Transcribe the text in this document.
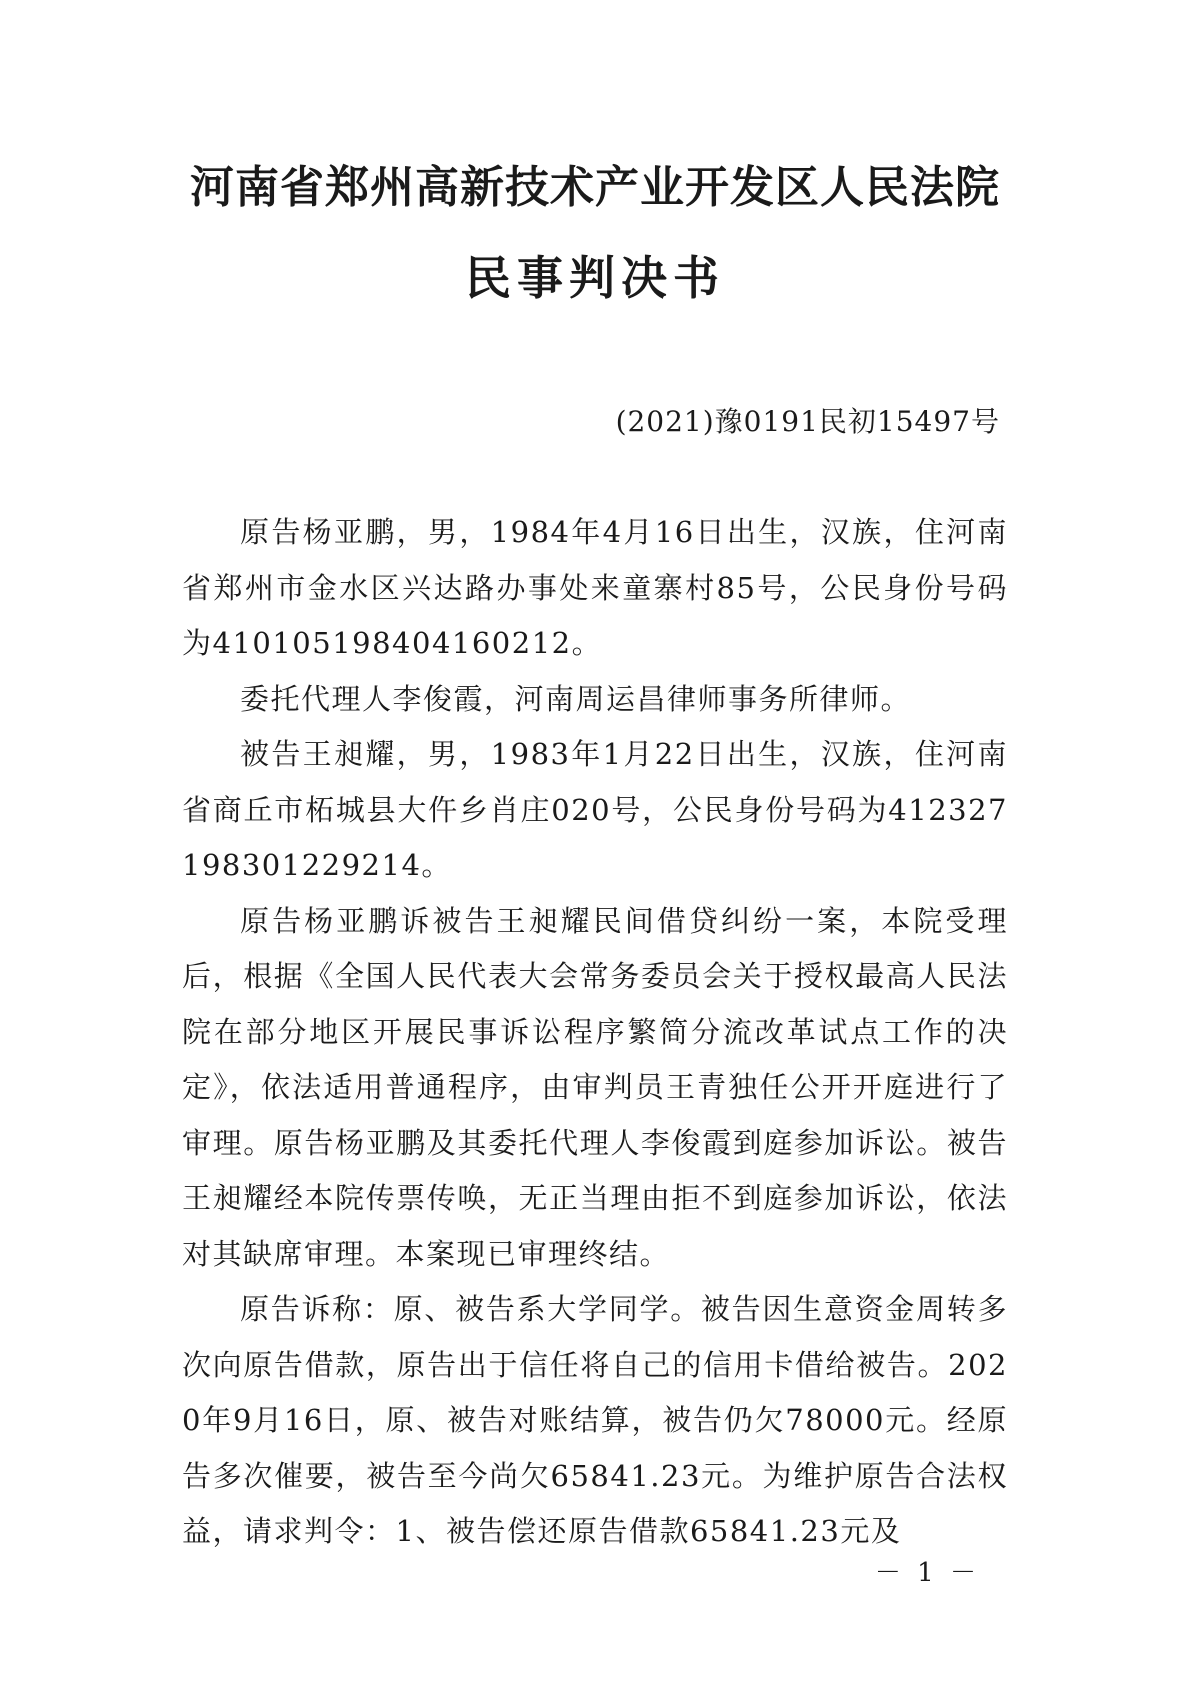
河南省郑州高新技术产业开发区人民法院
民事判决书

(2021)豫0191民初15497号

原告杨亚鹏，男，1984年4月16日出生，汉族，住河南省郑州市金水区兴达路办事处来童寨村85号，公民身份号码为410105198404160212。

委托代理人李俊霞，河南周运昌律师事务所律师。

被告王昶耀，男，1983年1月22日出生，汉族，住河南省商丘市柘城县大仵乡肖庄020号，公民身份号码为412327198301229214。

原告杨亚鹏诉被告王昶耀民间借贷纠纷一案，本院受理后，根据《全国人民代表大会常务委员会关于授权最高人民法院在部分地区开展民事诉讼程序繁简分流改革试点工作的决定》，依法适用普通程序，由审判员王青独任公开开庭进行了审理。原告杨亚鹏及其委托代理人李俊霞到庭参加诉讼。被告王昶耀经本院传票传唤，无正当理由拒不到庭参加诉讼，依法对其缺席审理。本案现已审理终结。

原告诉称：原、被告系大学同学。被告因生意资金周转多次向原告借款，原告出于信任将自己的信用卡借给被告。2020年9月16日，原、被告对账结算，被告仍欠78000元。经原告多次催要，被告至今尚欠65841.23元。为维护原告合法权益，请求判令：1、被告偿还原告借款65841.23元及

－ 1 －
